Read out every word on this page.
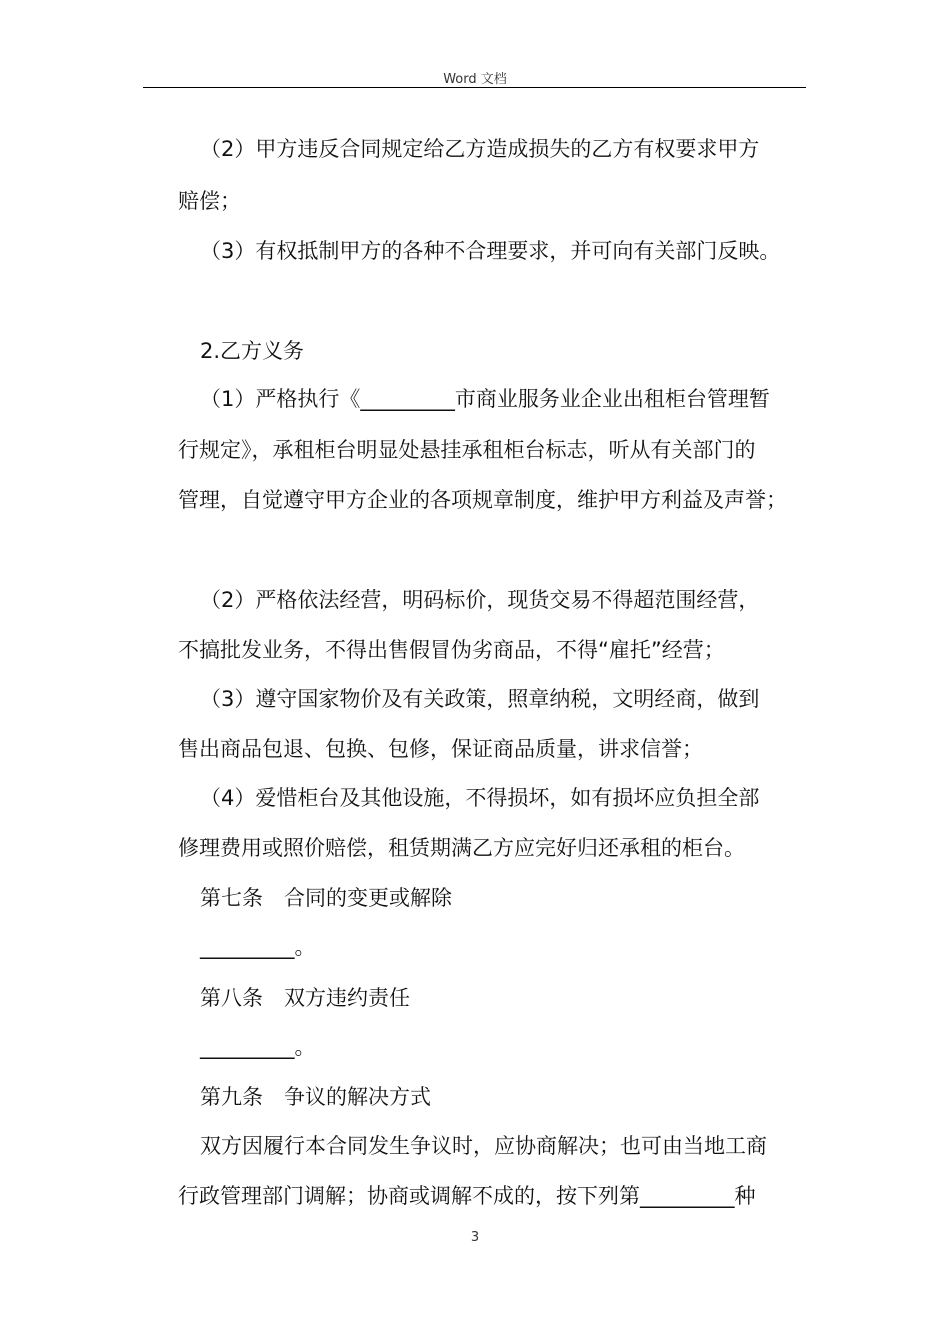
Word 文档
（2）甲方违反合同规定给乙方造成损失的乙方有权要求甲方
赔偿；
（3）有权抵制甲方的各种不合理要求，并可向有关部门反映。
2.乙方义务
（1）严格执行《_________市商业服务业企业出租柜台管理暂
行规定》，承租柜台明显处悬挂承租柜台标志，听从有关部门的
管理，自觉遵守甲方企业的各项规章制度，维护甲方利益及声誉；
（2）严格依法经营，明码标价，现货交易不得超范围经营，
不搞批发业务，不得出售假冒伪劣商品，不得“雇托”经营；
（3）遵守国家物价及有关政策，照章纳税，文明经商，做到
售出商品包退、包换、包修，保证商品质量，讲求信誉；
（4）爱惜柜台及其他设施，不得损坏，如有损坏应负担全部
修理费用或照价赔偿，租赁期满乙方应完好归还承租的柜台。
第七条　合同的变更或解除
_________。
第八条　双方违约责任
_________。
第九条　争议的解决方式
双方因履行本合同发生争议时，应协商解决；也可由当地工商
行政管理部门调解；协商或调解不成的，按下列第_________种
3
